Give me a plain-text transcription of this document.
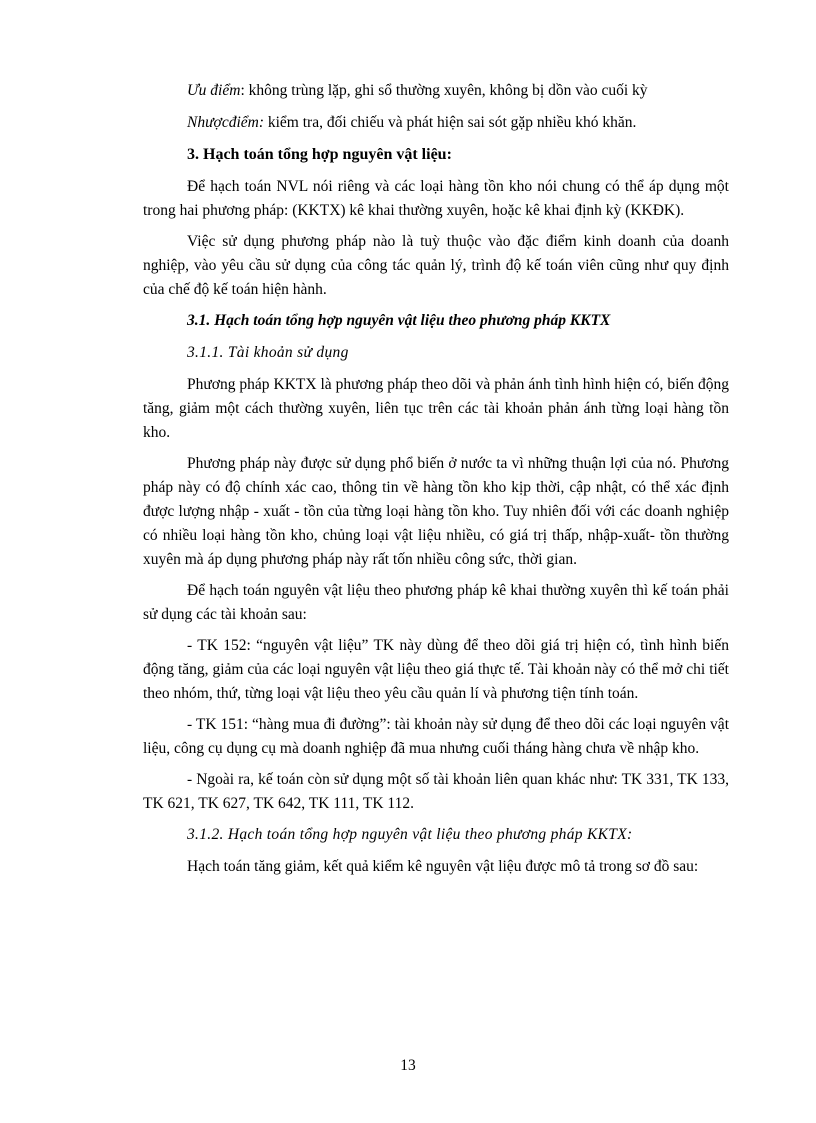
Ưu điểm: không trùng lặp, ghi sổ thường xuyên, không bị dồn vào cuối kỳ

Nhượcđiểm: kiểm tra, đối chiếu và phát hiện sai sót gặp nhiều khó khăn.

3. Hạch toán tổng hợp nguyên vật liệu:

Để hạch toán NVL nói riêng và các loại hàng tồn kho nói chung có thể áp dụng một trong hai phương pháp: (KKTX) kê khai thường xuyên, hoặc kê khai định kỳ (KKĐK).

Việc sử dụng phương pháp nào là tuỳ thuộc vào đặc điểm kinh doanh của doanh nghiệp, vào yêu cầu sử dụng của công tác quản lý, trình độ kế toán viên cũng như quy định của chế độ kế toán hiện hành.

3.1. Hạch toán tổng hợp nguyên vật liệu theo phương pháp KKTX

3.1.1. Tài khoản sử dụng

Phương pháp KKTX là phương pháp theo dõi và phản ánh tình hình hiện có, biến động tăng, giảm một cách thường xuyên, liên tục trên các tài khoản phản ánh từng loại hàng tồn kho.

Phương pháp này được sử dụng phổ biến ở nước ta vì những thuận lợi của nó. Phương pháp này có độ chính xác cao, thông tin về hàng tồn kho kịp thời, cập nhật, có thể xác định được lượng nhập - xuất - tồn của từng loại hàng tồn kho. Tuy nhiên đối với các doanh nghiệp có nhiều loại hàng tồn kho, chủng loại vật liệu nhiều, có giá trị thấp, nhập-xuất- tồn thường xuyên mà áp dụng phương pháp này rất tốn nhiều công sức, thời gian.

Để hạch toán nguyên vật liệu theo phương pháp kê khai thường xuyên thì kế toán phải sử dụng các tài khoản sau:

- TK 152: “nguyên vật liệu” TK này dùng để theo dõi giá trị hiện có, tình hình biến động tăng, giảm của các loại nguyên vật liệu theo giá thực tế. Tài khoản này có thể mở chi tiết theo nhóm, thứ, từng loại vật liệu theo yêu cầu quản lí và phương tiện tính toán.

- TK 151: “hàng mua đi đường”: tài khoản này sử dụng để theo dõi các loại nguyên vật liệu, công cụ dụng cụ mà doanh nghiệp đã mua nhưng cuối tháng hàng chưa về nhập kho.

- Ngoài ra, kế toán còn sử dụng một số tài khoản liên quan khác như: TK 331, TK 133, TK 621, TK 627, TK 642, TK 111, TK 112.

3.1.2. Hạch toán tổng hợp nguyên vật liệu theo phương pháp KKTX:

Hạch toán tăng giảm, kết quả kiểm kê nguyên vật liệu được mô tả trong sơ đồ sau:

13
